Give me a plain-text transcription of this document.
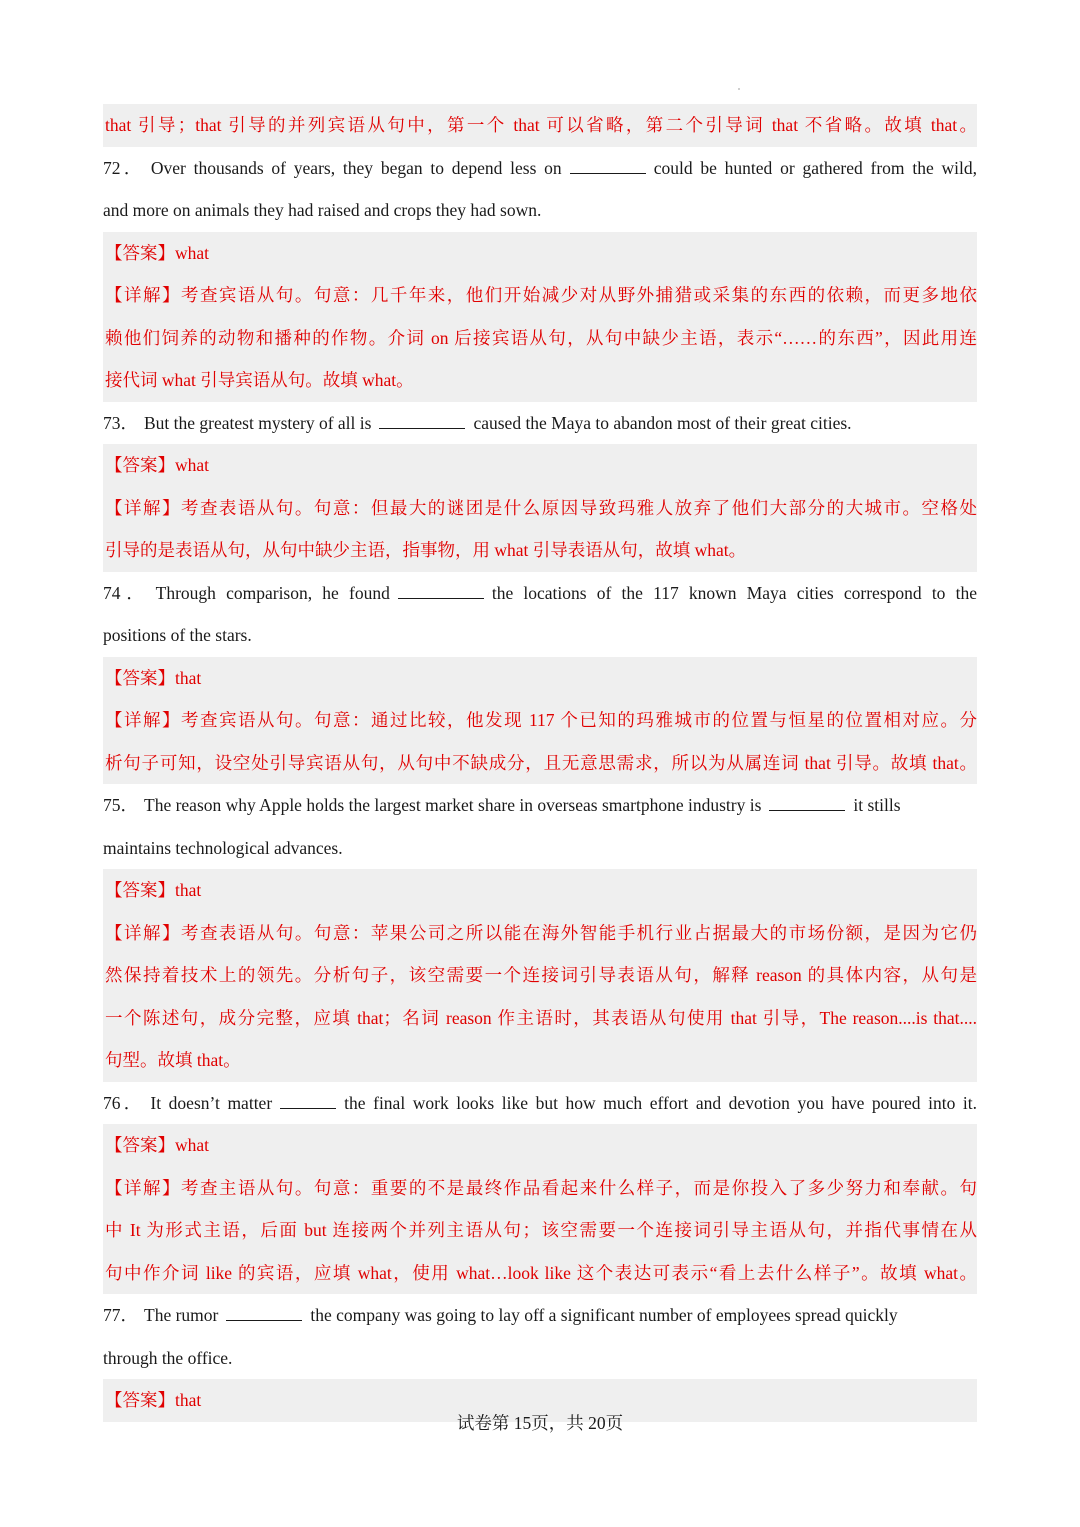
that 引导；that 引导的并列宾语从句中，第一个 that 可以省略，第二个引导词 that 不省略。故填 that。
72． Over thousands of years, they began to depend less on	could be hunted or gathered from the wild,
and more on animals they had raised and crops they had sown.
【答案】what
【详解】考查宾语从句。句意：几千年来，他们开始减少对从野外捕猎或采集的东西的依赖，而更多地依
赖他们饲养的动物和播种的作物。介词 on 后接宾语从句，从句中缺少主语，表示“……的东西”，因此用连
接代词 what 引导宾语从句。故填 what。
73． But the greatest mystery of all is	caused the Maya to abandon most of their great cities.
【答案】what
【详解】考查表语从句。句意：但最大的谜团是什么原因导致玛雅人放弃了他们大部分的大城市。空格处
引导的是表语从句，从句中缺少主语，指事物，用 what 引导表语从句，故填 what。
74． Through comparison, he found	the locations of the 117 known Maya cities correspond to the
positions of the stars.
【答案】that
【详解】考查宾语从句。句意：通过比较，他发现 117 个已知的玛雅城市的位置与恒星的位置相对应。分
析句子可知，设空处引导宾语从句，从句中不缺成分，且无意思需求，所以为从属连词 that 引导。故填 that。
75． The reason why Apple holds the largest market share in overseas smartphone industry is	it stills
maintains technological advances.
【答案】that
【详解】考查表语从句。句意：苹果公司之所以能在海外智能手机行业占据最大的市场份额，是因为它仍
然保持着技术上的领先。分析句子，该空需要一个连接词引导表语从句，解释 reason 的具体内容，从句是
一个陈述句，成分完整，应填 that；名词 reason 作主语时，其表语从句使用 that 引导，The reason....is that....
句型。故填 that。
76． It doesn’t matter	the final work looks like but how much effort and devotion you have poured into it.
【答案】what
【详解】考查主语从句。句意：重要的不是最终作品看起来什么样子，而是你投入了多少努力和奉献。句
中 It 为形式主语，后面 but 连接两个并列主语从句；该空需要一个连接词引导主语从句，并指代事情在从
句中作介词 like 的宾语，应填 what，使用 what…look like 这个表达可表示“看上去什么样子”。故填 what。
77． The rumor	the company was going to lay off a significant number of employees spread quickly
through the office.
【答案】that
试卷第 15页，共 20页
